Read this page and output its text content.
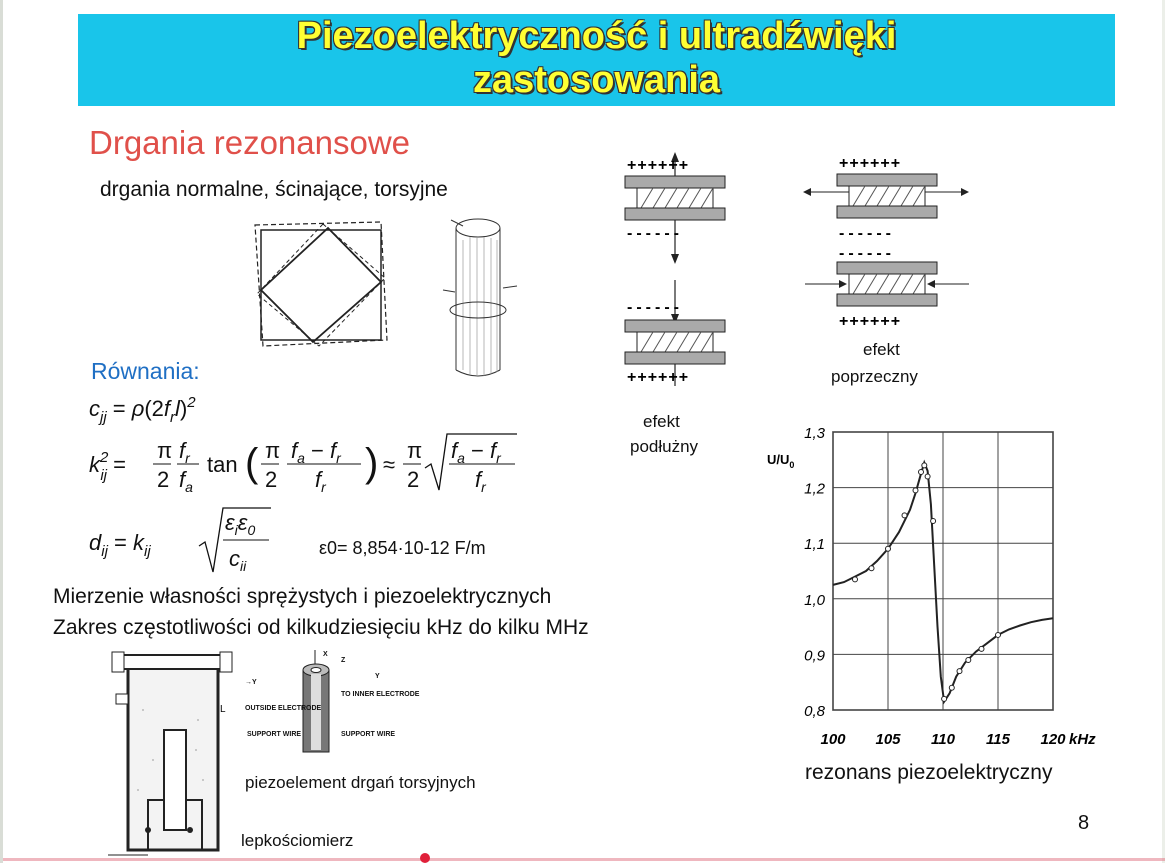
Piezoelektryczność i ultradźwięki
zastosowania
Drgania rezonansowe
drgania normalne, ścinające, torsyjne
Równania:
$c_{jj} = \rho(2f_rl)^2$
$k^2$ ij =
π
2
$f_r$
$f_a$
tan ( π
2
$f_a - f_r$
$f_r$
) ≈
π
2
$f_a - f_r$
$f_r$
$d_{ij} = k_{ij}$
$\varepsilon_i\varepsilon_0$
$c_{ii}$
ε0= 8,854·10-12 F/m
Mierzenie własności sprężystych i piezoelektrycznych
Zakres częstotliwości od kilkudziesięciu kHz do kilku MHz
L
→Y
X
Z
Y
OUTSIDE ELECTRODE
TO INNER ELECTRODE
SUPPORT WIRE	SUPPORT WIRE
piezoelement drgań torsyjnych
lepkościomierz
++++++
------
------
++++++
efekt
podłużny
++++++
------
------
++++++
efekt
poprzeczny
$U/U_0$
kHz
100 105 110 115 120
0,8
0,9
1,0
1,1
1,2
1,3
rezonans piezoelektryczny
8
